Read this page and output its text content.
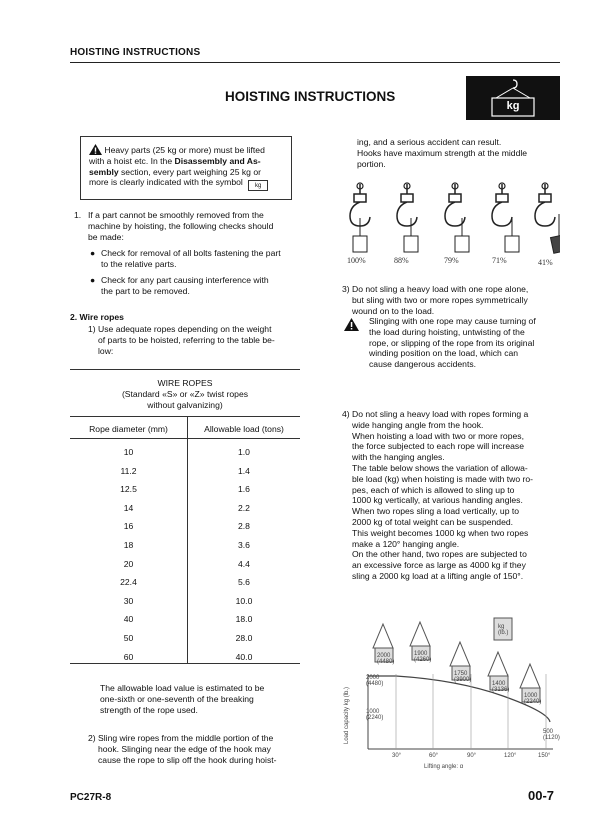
HOISTING INSTRUCTIONS
HOISTING INSTRUCTIONS
kg
Heavy parts (25 kg or more) must be lifted
with a hoist etc. In the Disassembly and As-
sembly section, every part weighing 25 kg or
more is clearly indicated with the symbol kg
1. If a part cannot be smoothly removed from the
machine by hoisting, the following checks should
be made:
● Check for removal of all bolts fastening the part
to the relative parts.
● Check for any part causing interference with
the part to be removed.
2. Wire ropes
1) Use adequate ropes depending on the weight
of parts to be hoisted, referring to the table be-
low:
WIRE ROPES
(Standard «S» or «Z» twist ropes
without galvanizing)
Rope diameter (mm)	Allowable load (tons)
10	1.0
11.2	1.4
12.5	1.6
14	2.2
16	2.8
18	3.6
20	4.4
22.4	5.6
30	10.0
40	18.0
50	28.0
60	40.0
The allowable load value is estimated to be
one-sixth or one-seventh of the breaking
strength of the rope used.
2) Sling wire ropes from the middle portion of the
hook. Slinging near the edge of the hook may
cause the rope to slip off the hook during hoist-
ing, and a serious accident can result.
Hooks have maximum strength at the middle
portion.
100%	88%	79%	71%	41%
3) Do not sling a heavy load with one rope alone,
but sling with two or more ropes symmetrically
wound on to the load.
Slinging with one rope may cause turning of
the load during hoisting, untwisting of the
rope, or slipping of the rope from its original
winding position on the load, which can
cause dangerous accidents.
4) Do not sling a heavy load with ropes forming a
wide hanging angle from the hook.
When hoisting a load with two or more ropes,
the force subjected to each rope will increase
with the hanging angles.
The table below shows the variation of allowa-
ble load (kg) when hoisting is made with two ro-
pes, each of which is allowed to sling up to
1000 kg vertically, at various handing angles.
When two ropes sling a load vertically, up to
2000 kg of total weight can be suspended.
This weight becomes 1000 kg when two ropes
make a 120° hanging angle.
On the other hand, two ropes are subjected to
an excessive force as large as 4000 kg if they
sling a 2000 kg load at a lifting angle of 150°.
30°	60°	90°	120°	150°
2000
(4480)
1000
(2240)
Lifting angle: α
Load capacity kg (lb.)
2000
(4480)
1900
(4260)
1750
(3900)
1400
(3136)
1000
(2240)
500
(1120)
kg
(lb.)
PC27R-8	00-7
